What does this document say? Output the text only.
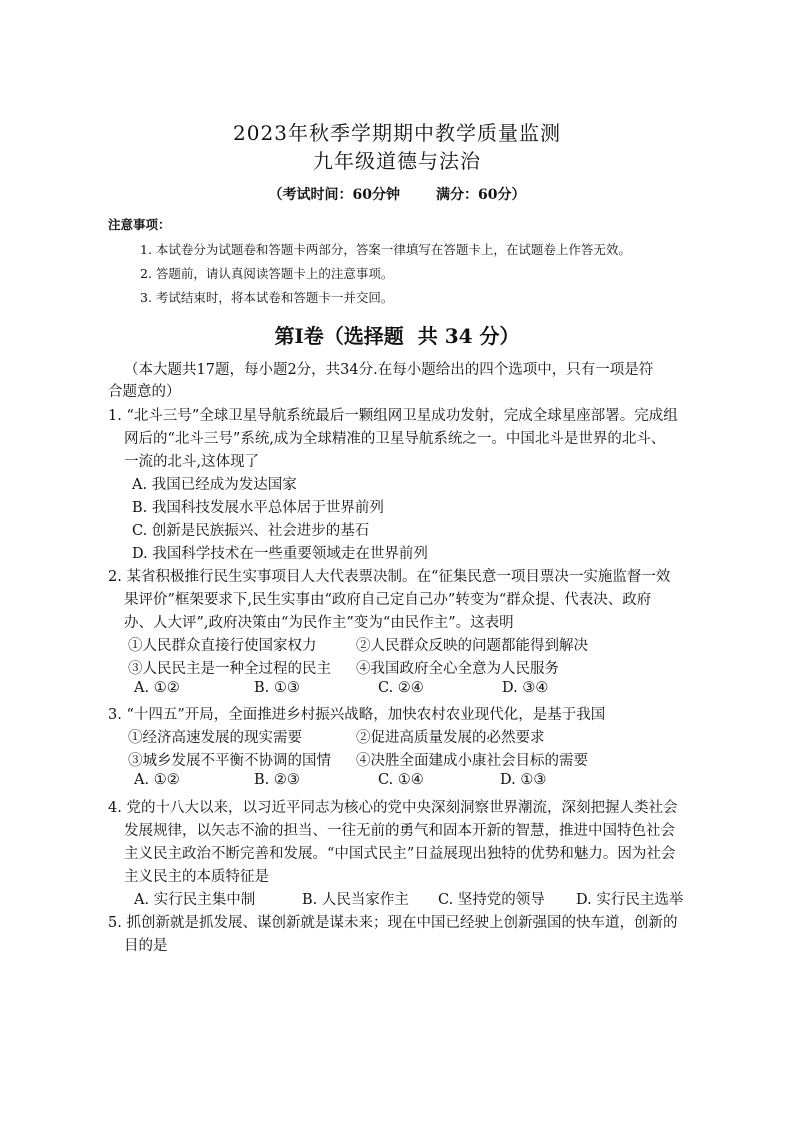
2023年秋季学期期中教学质量监测
九年级道德与法治
（考试时间：60分钟	满分：60分）
注意事项：
1. 本试卷分为试题卷和答题卡两部分，答案一律填写在答题卡上，在试题卷上作答无效。
2. 答题前，请认真阅读答题卡上的注意事项。
3. 考试结束时，将本试卷和答题卡一并交回。
第Ⅰ卷（选择题 共 34 分）
（本大题共17题，每小题2分，共34分.在每小题给出的四个选项中，只有一项是符
合题意的）
1. “北斗三号”全球卫星导航系统最后一颗组网卫星成功发射，完成全球星座部署。完成组
网后的“北斗三号”系统,成为全球精准的卫星导航系统之一。中国北斗是世界的北斗、
一流的北斗,这体现了
A. 我国已经成为发达国家
B. 我国科技发展水平总体居于世界前列
C. 创新是民族振兴、社会进步的基石
D. 我国科学技术在一些重要领域走在世界前列
2. 某省积极推行民生实事项目人大代表票决制。在“征集民意一项目票决一实施监督一效
果评价”框架要求下,民生实事由“政府自己定自己办”转变为“群众提、代表决、政府
办、人大评”,政府决策由“为民作主”变为“由民作主”。这表明
①人民群众直接行使国家权力	②人民群众反映的问题都能得到解决
③人民民主是一种全过程的民主 ④我国政府全心全意为人民服务
A. ①②	B. ①③	C. ②④	D. ③④
3. “十四五”开局，全面推进乡村振兴战略，加快农村农业现代化，是基于我国
①经济高速发展的现实需要	②促进高质量发展的必然要求
③城乡发展不平衡不协调的国情 ④决胜全面建成小康社会目标的需要
A. ①②	B. ②③	C. ①④	D. ①③
4. 党的十八大以来，以习近平同志为核心的党中央深刻洞察世界潮流，深刻把握人类社会
发展规律，以矢志不渝的担当、一往无前的勇气和固本开新的智慧，推进中国特色社会
主义民主政治不断完善和发展。“中国式民主”日益展现出独特的优势和魅力。因为社会
主义民主的本质特征是
A. 实行民主集中制	B. 人民当家作主 C. 坚持党的领导 D. 实行民主选举
5. 抓创新就是抓发展、谋创新就是谋未来；现在中国已经驶上创新强国的快车道，创新的
目的是
